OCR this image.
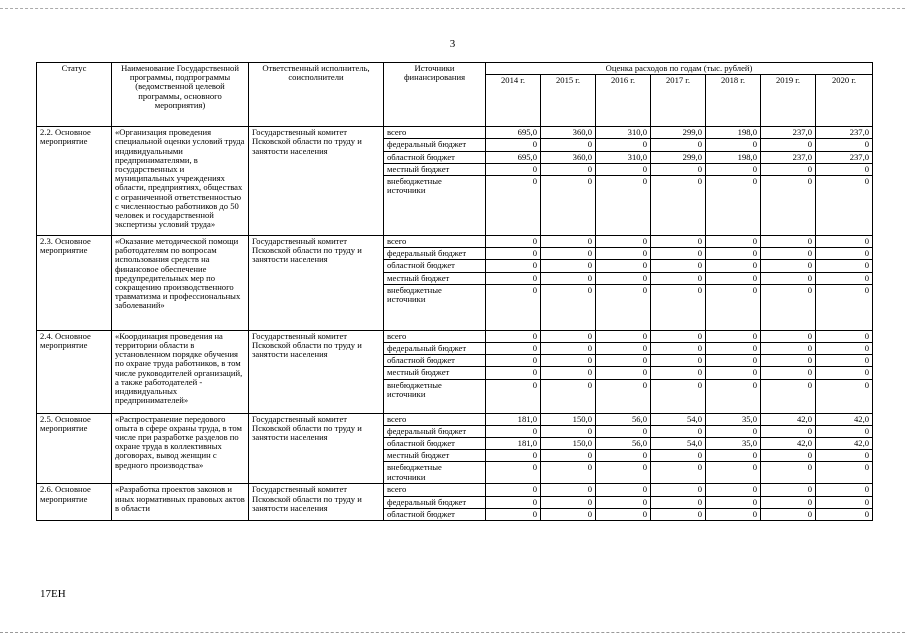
3
Статус	Наименование Государственной программы, подпрограммы (ведомственной целевой программы, основного мероприятия)	Ответственный исполнитель, соисполнители	Источники финансирования	Оценка расходов по годам (тыс. рублей)						
				2014 г.	2015 г.	2016 г.	2017 г.	2018 г.	2019 г.	2020 г.
2.2. Основное мероприятие	«Организация проведения специальной оценки условий труда индивидуальными предпринимателями, в государственных и муниципальных учреждениях области, предприятиях, обществах с ограниченной ответственностью с численностью работников до 50 человек и государственной экспертизы условий труда»	Государственный комитет Псковской области по труду и занятости населения	всего	695,0	360,0	310,0	299,0	198,0	237,0	237,0
			федеральный бюджет	0	0	0	0	0	0	0
			областной бюджет	695,0	360,0	310,0	299,0	198,0	237,0	237,0
			местный бюджет	0	0	0	0	0	0	0
			внебюджетные источники	0	0	0	0	0	0	0
2.3. Основное мероприятие	«Оказание методической помощи работодателям по вопросам использования средств на финансовое обеспечение предупредительных мер по сокращению производственного травматизма и профессиональных заболеваний»	Государственный комитет Псковской области по труду и занятости населения	всего	0	0	0	0	0	0	0
			федеральный бюджет	0	0	0	0	0	0	0
			областной бюджет	0	0	0	0	0	0	0
			местный бюджет	0	0	0	0	0	0	0
			внебюджетные источники	0	0	0	0	0	0	0
2.4. Основное мероприятие	«Координация проведения на территории области в установленном порядке обучения по охране труда работников, в том числе руководителей организаций, а также работодателей - индивидуальных предпринимателей»	Государственный комитет Псковской области по труду и занятости населения	всего	0	0	0	0	0	0	0
			федеральный бюджет	0	0	0	0	0	0	0
			областной бюджет	0	0	0	0	0	0	0
			местный бюджет	0	0	0	0	0	0	0
			внебюджетные источники	0	0	0	0	0	0	0
2.5. Основное мероприятие	«Распространение передового опыта в сфере охраны труда, в том числе при разработке разделов по охране труда в коллективных договорах, вывод женщин с вредного производства»	Государственный комитет Псковской области по труду и занятости населения	всего	181,0	150,0	56,0	54,0	35,0	42,0	42,0
			федеральный бюджет	0	0	0	0	0	0	0
			областной бюджет	181,0	150,0	56,0	54,0	35,0	42,0	42,0
			местный бюджет	0	0	0	0	0	0	0
			внебюджетные источники	0	0	0	0	0	0	0
2.6. Основное мероприятие	«Разработка проектов законов и иных нормативных правовых актов в области	Государственный комитет Псковской области по труду и занятости населения	всего	0	0	0	0	0	0	0
			федеральный бюджет	0	0	0	0	0	0	0
			областной бюджет	0	0	0	0	0	0	0
17ЕН
